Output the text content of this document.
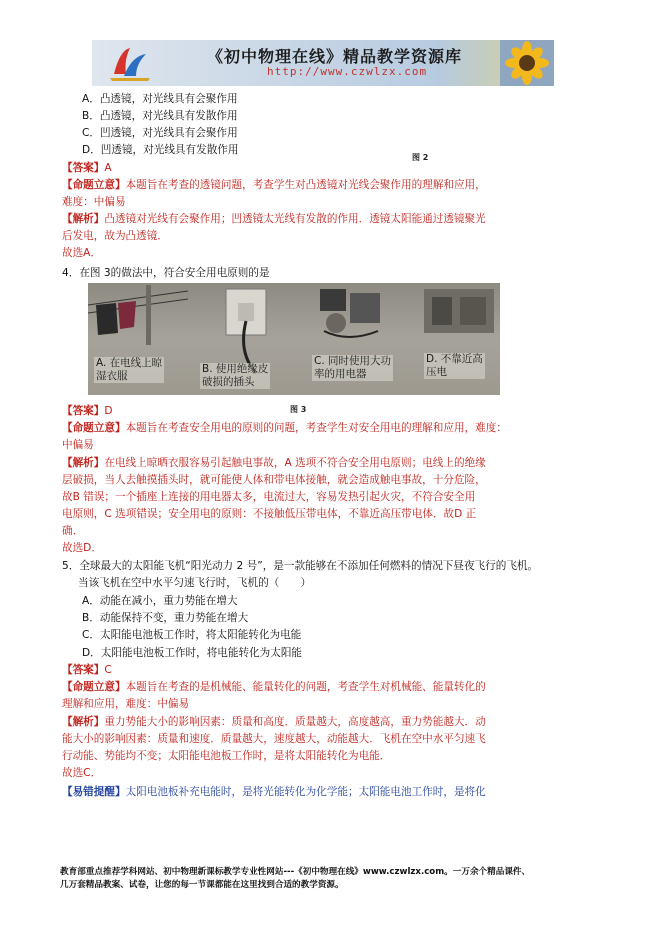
《初中物理在线》精品教学资源库
http://www.czwlzx.com
A．凸透镜，对光线具有会聚作用
B．凸透镜，对光线具有发散作用
C．凹透镜，对光线具有会聚作用
D．凹透镜，对光线具有发散作用
图 2
【答案】A
【命题立意】本题旨在考查的透镜问题，考查学生对凸透镜对光线会聚作用的理解和应用，
难度：中偏易
【解析】凸透镜对光线有会聚作用；凹透镜太光线有发散的作用．透镜太阳能通过透镜聚光
后发电，故为凸透镜．
故选A．
4．在图 3的做法中，符合安全用电原则的是
A. 在电线上晾
湿衣服
B. 使用绝缘皮
破损的插头
C. 同时使用大功
率的用电器
D. 不靠近高
压电
图 3
【答案】D
【命题立意】本题旨在考查安全用电的原则的问题，考查学生对安全用电的理解和应用，难度：
中偏易
【解析】在电线上晾晒衣服容易引起触电事故，A 选项不符合安全用电原则；电线上的绝缘
层破损，当人去触摸插头时，就可能使人体和带电体接触，就会造成触电事故，十分危险，
故B 错误；一个插座上连接的用电器太多，电流过大，容易发热引起火灾，不符合安全用
电原则，C 选项错误；安全用电的原则：不接触低压带电体，不靠近高压带电体．故D 正
确．
故选D．
5．全球最大的太阳能飞机“阳光动力 2 号”，是一款能够在不添加任何燃料的情况下昼夜飞行的飞机。
当该飞机在空中水平匀速飞行时，飞机的（　　）
A．动能在减小，重力势能在增大
B．动能保持不变，重力势能在增大
C．太阳能电池板工作时，将太阳能转化为电能
D．太阳能电池板工作时，将电能转化为太阳能
【答案】C
【命题立意】本题旨在考查的是机械能、能量转化的问题，考查学生对机械能、能量转化的
理解和应用，难度：中偏易
【解析】重力势能大小的影响因素：质量和高度．质量越大，高度越高，重力势能越大．动
能大小的影响因素：质量和速度．质量越大，速度越大，动能越大．飞机在空中水平匀速飞
行动能、势能均不变；太阳能电池板工作时，是将太阳能转化为电能．
故选C．
【易错提醒】太阳电池板补充电能时，是将光能转化为化学能；太阳能电池工作时，是将化
教育部重点推荐学科网站、初中物理新课标教学专业性网站---《初中物理在线》www.czwlzx.com。一万余个精品课件、
几万套精品教案、试卷，让您的每一节课都能在这里找到合适的教学资源。
